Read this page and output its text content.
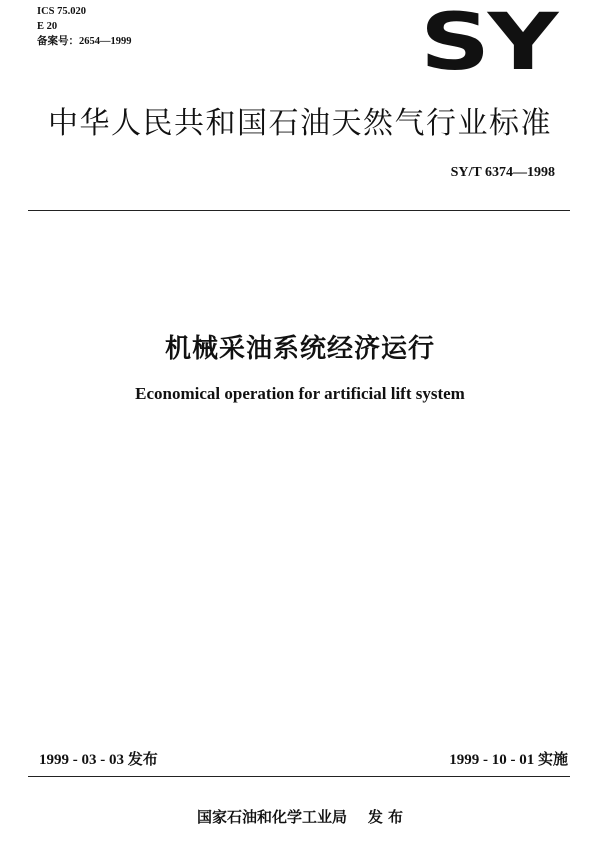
ICS 75.020
E 20
备案号：2654—1999	SY
中华人民共和国石油天然气行业标准
SY/T 6374—1998
机械采油系统经济运行
Economical operation for artificial lift system
1999 - 03 - 03 发布	1999 - 10 - 01 实施
国家石油和化学工业局    发 布
